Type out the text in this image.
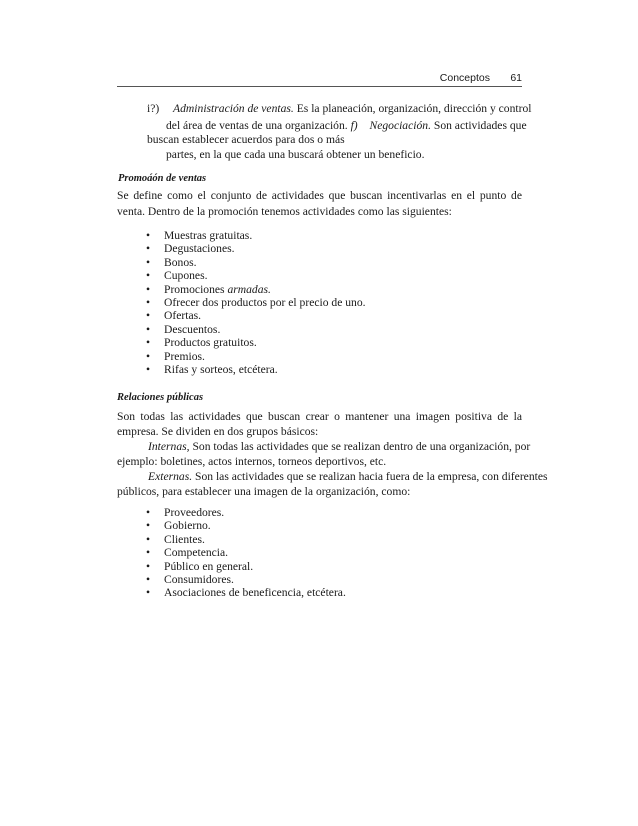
Conceptos 61
i?) Administración de ventas. Es la planeación, organización, dirección y control
del área de ventas de una organización. f) Negociación. Son actividades que
buscan establecer acuerdos para dos o más
partes, en la que cada una buscará obtener un beneficio.
Promoáón de ventas
Se define como el conjunto de actividades que buscan incentivarlas en el punto de
venta. Dentro de la promoción tenemos actividades como las siguientes:
• Muestras gratuitas.
• Degustaciones.
• Bonos.
• Cupones.
• Promociones armadas.
• Ofrecer dos productos por el precio de uno.
• Ofertas.
• Descuentos.
• Productos gratuitos.
• Premios.
• Rifas y sorteos, etcétera.
Relaciones públicas
Son todas las actividades que buscan crear o mantener una imagen positiva de la
empresa. Se dividen en dos grupos básicos:
Internas, Son todas las actividades que se realizan dentro de una organización, por
ejemplo: boletines, actos internos, torneos deportivos, etc.
Externas. Son las actividades que se realizan hacia fuera de la empresa, con diferentes
públicos, para establecer una imagen de la organización, como:
• Proveedores.
• Gobierno.
• Clientes.
• Competencia.
• Público en general.
• Consumidores.
• Asociaciones de beneficencia, etcétera.
